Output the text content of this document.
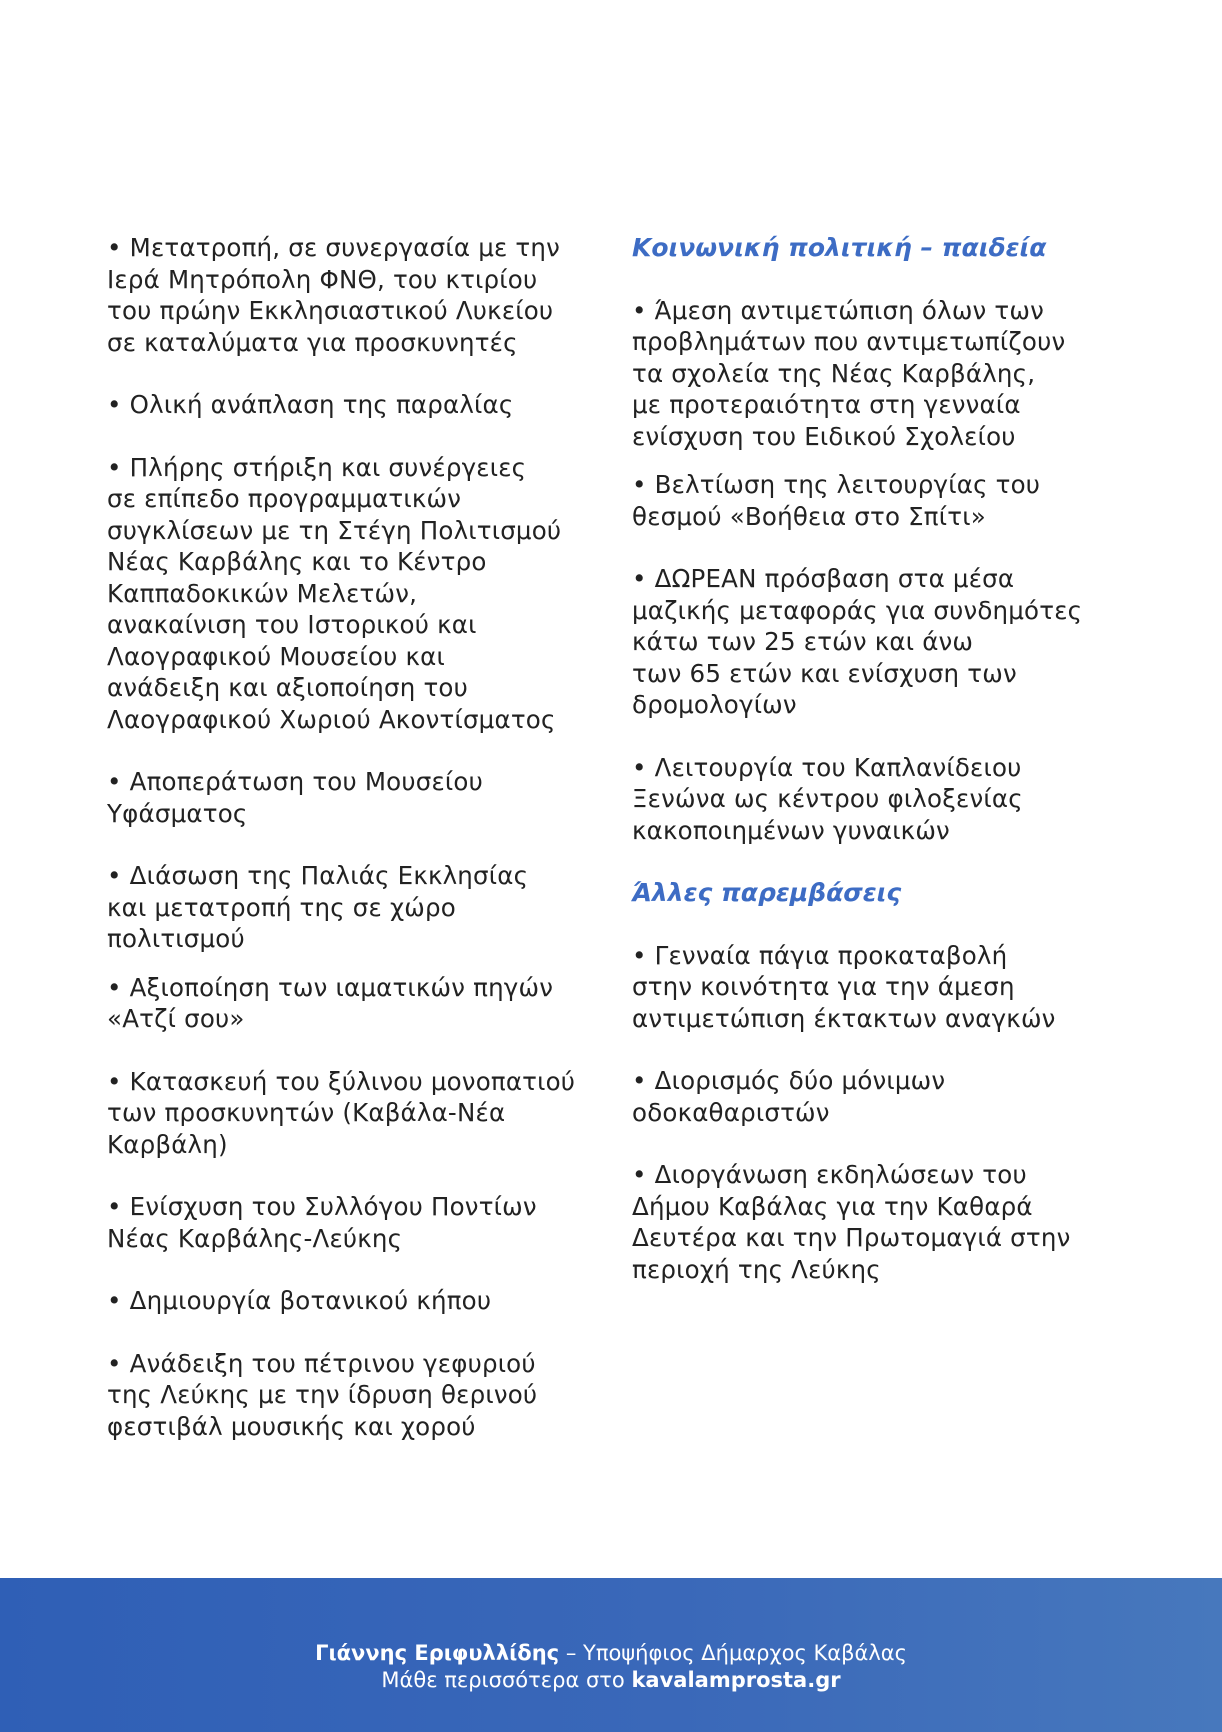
• Μετατροπή, σε συνεργασία με την
Ιερά Μητρόπολη ΦΝΘ, του κτιρίου
του πρώην Εκκλησιαστικού Λυκείου
σε καταλύματα για προσκυνητές

• Ολική ανάπλαση της παραλίας

• Πλήρης στήριξη και συνέργειες
σε επίπεδο προγραμματικών
συγκλίσεων με τη Στέγη Πολιτισμού
Νέας Καρβάλης και το Κέντρο
Καππαδοκικών Μελετών,
ανακαίνιση του Ιστορικού και
Λαογραφικού Μουσείου και
ανάδειξη και αξιοποίηση του
Λαογραφικού Χωριού Ακοντίσματος

• Αποπεράτωση του Μουσείου
Υφάσματος

• Διάσωση της Παλιάς Εκκλησίας
και μετατροπή της σε χώρο
πολιτισμού

• Αξιοποίηση των ιαματικών πηγών
«Ατζί σου»

• Κατασκευή του ξύλινου μονοπατιού
των προσκυνητών (Καβάλα-Νέα
Καρβάλη)

• Ενίσχυση του Συλλόγου Ποντίων
Νέας Καρβάλης-Λεύκης

• Δημιουργία βοτανικού κήπου

• Ανάδειξη του πέτρινου γεφυριού
της Λεύκης με την ίδρυση θερινού
φεστιβάλ μουσικής και χορού

Κοινωνική πολιτική – παιδεία

• Άμεση αντιμετώπιση όλων των
προβλημάτων που αντιμετωπίζουν
τα σχολεία της Νέας Καρβάλης,
με προτεραιότητα στη γενναία
ενίσχυση του Ειδικού Σχολείου

• Βελτίωση της λειτουργίας του
θεσμού «Βοήθεια στο Σπίτι»

• ΔΩΡΕΑΝ πρόσβαση στα μέσα
μαζικής μεταφοράς για συνδημότες
κάτω των 25 ετών και άνω
των 65 ετών και ενίσχυση των
δρομολογίων

• Λειτουργία του Καπλανίδειου
Ξενώνα ως κέντρου φιλοξενίας
κακοποιημένων γυναικών

Άλλες παρεμβάσεις

• Γενναία πάγια προκαταβολή
στην κοινότητα για την άμεση
αντιμετώπιση έκτακτων αναγκών

• Διορισμός δύο μόνιμων
οδοκαθαριστών

• Διοργάνωση εκδηλώσεων του
Δήμου Καβάλας για την Καθαρά
Δευτέρα και την Πρωτομαγιά στην
περιοχή της Λεύκης

Γιάννης Εριφυλλίδης – Υποψήφιος Δήμαρχος Καβάλας
Μάθε περισσότερα στο kavalamprosta.gr
